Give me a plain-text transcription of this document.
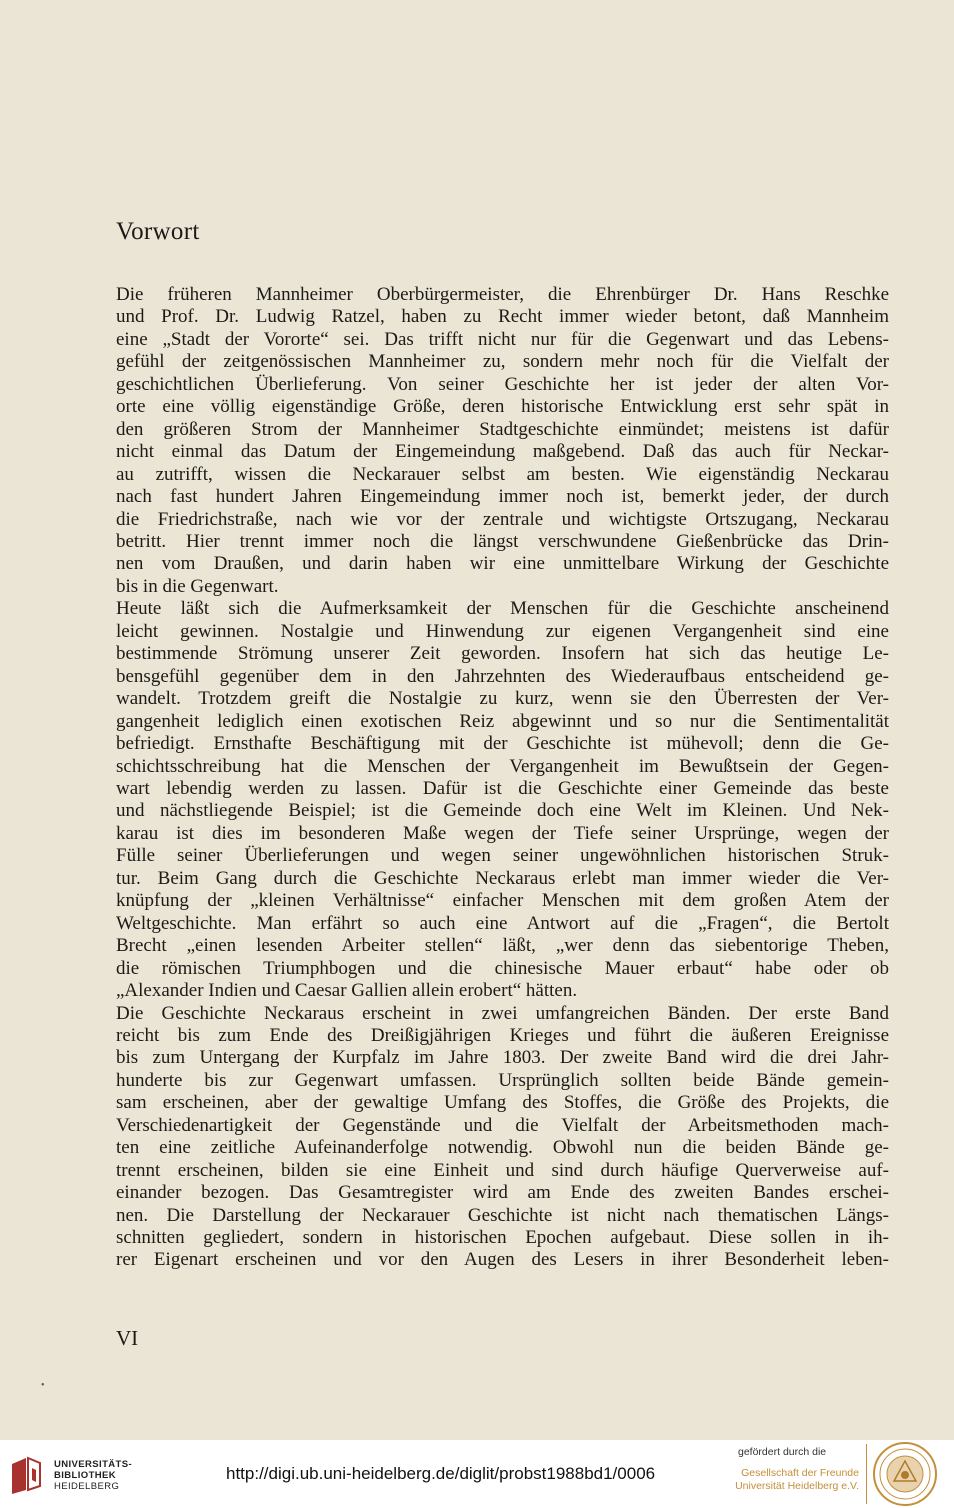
Vorwort
Die früheren Mannheimer Oberbürgermeister, die Ehrenbürger Dr. Hans Reschke
und Prof. Dr. Ludwig Ratzel, haben zu Recht immer wieder betont, daß Mannheim
eine „Stadt der Vororte“ sei. Das trifft nicht nur für die Gegenwart und das Lebens-
gefühl der zeitgenössischen Mannheimer zu, sondern mehr noch für die Vielfalt der
geschichtlichen Überlieferung. Von seiner Geschichte her ist jeder der alten Vor-
orte eine völlig eigenständige Größe, deren historische Entwicklung erst sehr spät in
den größeren Strom der Mannheimer Stadtgeschichte einmündet; meistens ist dafür
nicht einmal das Datum der Eingemeindung maßgebend. Daß das auch für Neckar-
au zutrifft, wissen die Neckarauer selbst am besten. Wie eigenständig Neckarau
nach fast hundert Jahren Eingemeindung immer noch ist, bemerkt jeder, der durch
die Friedrichstraße, nach wie vor der zentrale und wichtigste Ortszugang, Neckarau
betritt. Hier trennt immer noch die längst verschwundene Gießenbrücke das Drin-
nen vom Draußen, und darin haben wir eine unmittelbare Wirkung der Geschichte
bis in die Gegenwart.
Heute läßt sich die Aufmerksamkeit der Menschen für die Geschichte anscheinend
leicht gewinnen. Nostalgie und Hinwendung zur eigenen Vergangenheit sind eine
bestimmende Strömung unserer Zeit geworden. Insofern hat sich das heutige Le-
bensgefühl gegenüber dem in den Jahrzehnten des Wiederaufbaus entscheidend ge-
wandelt. Trotzdem greift die Nostalgie zu kurz, wenn sie den Überresten der Ver-
gangenheit lediglich einen exotischen Reiz abgewinnt und so nur die Sentimentalität
befriedigt. Ernsthafte Beschäftigung mit der Geschichte ist mühevoll; denn die Ge-
schichtsschreibung hat die Menschen der Vergangenheit im Bewußtsein der Gegen-
wart lebendig werden zu lassen. Dafür ist die Geschichte einer Gemeinde das beste
und nächstliegende Beispiel; ist die Gemeinde doch eine Welt im Kleinen. Und Nek-
karau ist dies im besonderen Maße wegen der Tiefe seiner Ursprünge, wegen der
Fülle seiner Überlieferungen und wegen seiner ungewöhnlichen historischen Struk-
tur. Beim Gang durch die Geschichte Neckaraus erlebt man immer wieder die Ver-
knüpfung der „kleinen Verhältnisse“ einfacher Menschen mit dem großen Atem der
Weltgeschichte. Man erfährt so auch eine Antwort auf die „Fragen“, die Bertolt
Brecht „einen lesenden Arbeiter stellen“ läßt, „wer denn das siebentorige Theben,
die römischen Triumphbogen und die chinesische Mauer erbaut“ habe oder ob
„Alexander Indien und Caesar Gallien allein erobert“ hätten.
Die Geschichte Neckaraus erscheint in zwei umfangreichen Bänden. Der erste Band
reicht bis zum Ende des Dreißigjährigen Krieges und führt die äußeren Ereignisse
bis zum Untergang der Kurpfalz im Jahre 1803. Der zweite Band wird die drei Jahr-
hunderte bis zur Gegenwart umfassen. Ursprünglich sollten beide Bände gemein-
sam erscheinen, aber der gewaltige Umfang des Stoffes, die Größe des Projekts, die
Verschiedenartigkeit der Gegenstände und die Vielfalt der Arbeitsmethoden mach-
ten eine zeitliche Aufeinanderfolge notwendig. Obwohl nun die beiden Bände ge-
trennt erscheinen, bilden sie eine Einheit und sind durch häufige Querverweise auf-
einander bezogen. Das Gesamtregister wird am Ende des zweiten Bandes erschei-
nen. Die Darstellung der Neckarauer Geschichte ist nicht nach thematischen Längs-
schnitten gegliedert, sondern in historischen Epochen aufgebaut. Diese sollen in ih-
rer Eigenart erscheinen und vor den Augen des Lesers in ihrer Besonderheit leben-
VI
•
UNIVERSITÄTS-
BIBLIOTHEK
HEIDELBERG
http://digi.ub.uni-heidelberg.de/diglit/probst1988bd1/0006
gefördert durch die
Gesellschaft der Freunde
Universität Heidelberg e.V.
